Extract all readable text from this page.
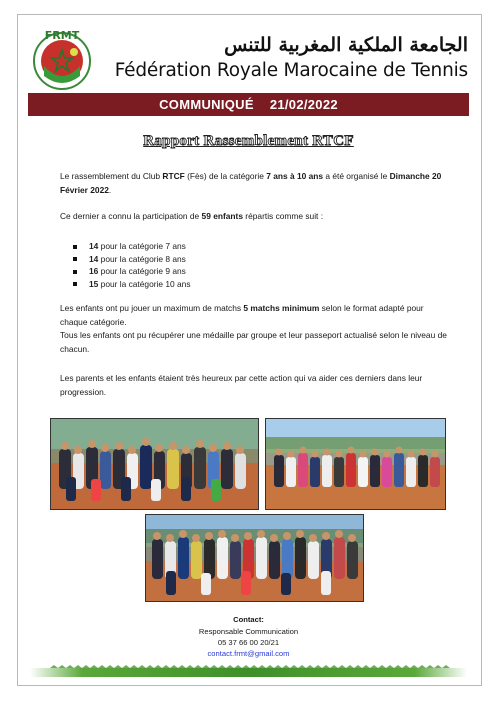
FRMT	الجامعة الملكية المغربية للتنس
Fédération Royale Marocaine de Tennis
COMMUNIQUÉ 21/02/2022
Rapport Rassemblement RTCF
Le rassemblement du Club RTCF (Fès) de la catégorie 7 ans à 10 ans a été organisé le Dimanche 20 Février 2022.
Ce dernier a connu la participation de 59 enfants répartis comme suit :
14 pour la catégorie 7 ans
14 pour la catégorie 8 ans
16 pour la catégorie 9 ans
15 pour la catégorie 10 ans
Les enfants ont pu jouer un maximum de matchs 5 matchs minimum selon le format adapté pour chaque catégorie.
Tous les enfants ont pu récupérer une médaille par groupe et leur passeport actualisé selon le niveau de chacun.
Les parents et les enfants étaient très heureux par cette action qui va aider ces derniers dans leur progression.
Contact:
Responsable Communication
05 37 66 00 20/21
contact.frmt@gmail.com
